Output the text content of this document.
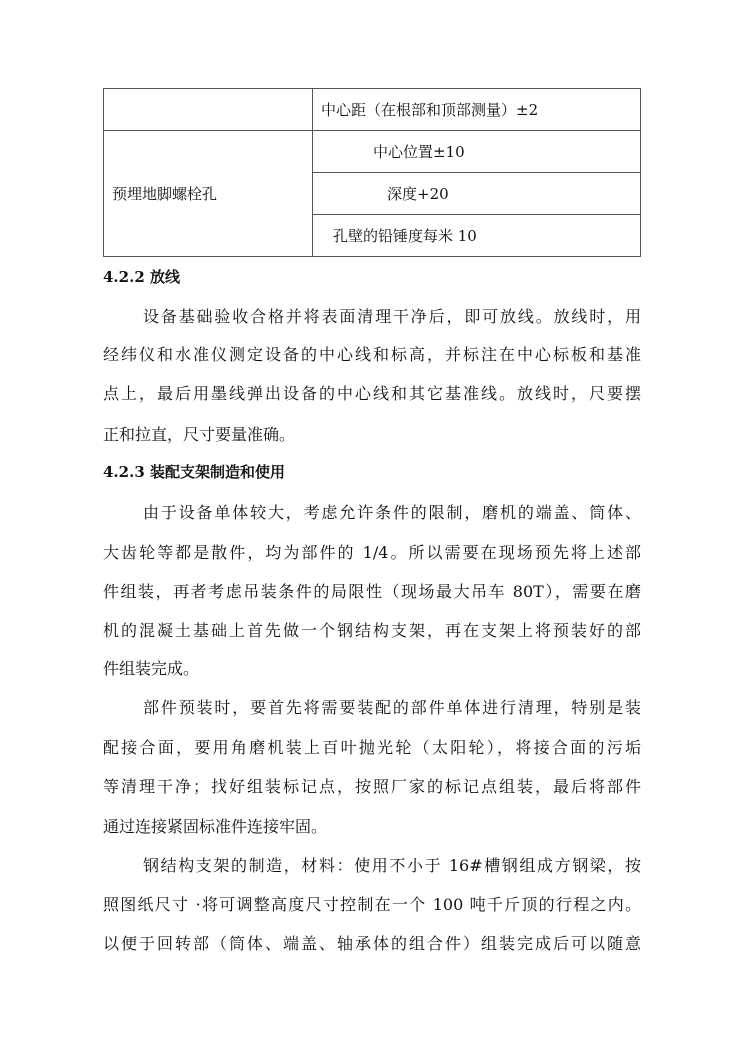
	中心距（在根部和顶部测量）±2
预埋地脚螺栓孔	中心位置±10
	深度+20
	孔壁的铅锤度每米 10
4.2.2 放线
设备基础验收合格并将表面清理干净后，即可放线。放线时，用
经纬仪和水准仪测定设备的中心线和标高，并标注在中心标板和基准
点上，最后用墨线弹出设备的中心线和其它基准线。放线时，尺要摆
正和拉直，尺寸要量准确。
4.2.3 装配支架制造和使用
由于设备单体较大，考虑允许条件的限制，磨机的端盖、筒体、
大齿轮等都是散件，均为部件的 1/4。所以需要在现场预先将上述部
件组装，再者考虑吊装条件的局限性（现场最大吊车 80T），需要在磨
机的混凝土基础上首先做一个钢结构支架，再在支架上将预装好的部
件组装完成。
部件预装时，要首先将需要装配的部件单体进行清理，特别是装
配接合面，要用角磨机装上百叶抛光轮（太阳轮），将接合面的污垢
等清理干净；找好组装标记点，按照厂家的标记点组装，最后将部件
通过连接紧固标准件连接牢固。
钢结构支架的制造，材料：使用不小于 16#槽钢组成方钢梁，按
照图纸尺寸 ·将可调整高度尺寸控制在一个 100 吨千斤顶的行程之内。
以便于回转部（筒体、端盖、轴承体的组合件）组装完成后可以随意
